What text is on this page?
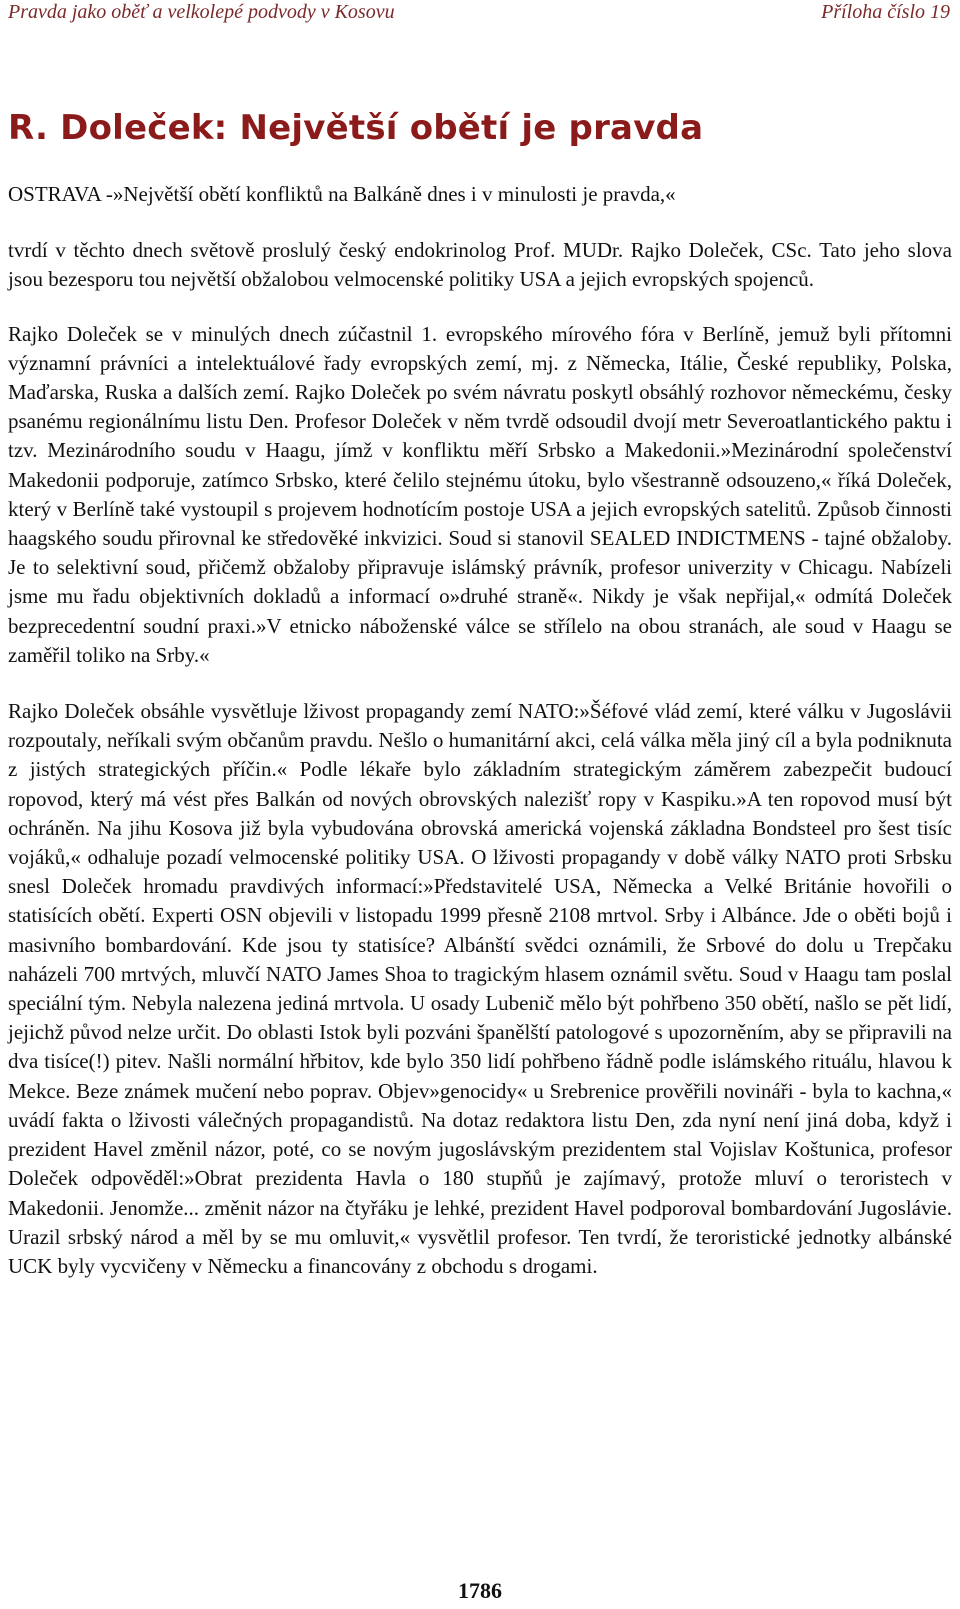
Pravda jako oběť a velkolepé podvody v Kosovu	Příloha číslo 19
R. Doleček: Největší obětí je pravda

OSTRAVA -»Největší obětí konfliktů na Balkáně dnes i v minulosti je pravda,«

tvrdí v těchto dnech světově proslulý český endokrinolog Prof. MUDr. Rajko Doleček, CSc. Tato jeho slova jsou bezesporu tou největší obžalobou velmocenské politiky USA a jejich evropských spojenců.

Rajko Doleček se v minulých dnech zúčastnil 1. evropského mírového fóra v Berlíně, jemuž byli přítomni významní právníci a intelektuálové řady evropských zemí, mj. z Německa, Itálie, České republiky, Polska, Maďarska, Ruska a dalších zemí. Rajko Doleček po svém návratu poskytl obsáhlý rozhovor německému, česky psanému regionálnímu listu Den. Profesor Doleček v něm tvrdě odsoudil dvojí metr Severoatlantického paktu i tzv. Mezinárodního soudu v Haagu, jímž v konfliktu měří Srbsko a Makedonii.»Mezinárodní společenství Makedonii podporuje, zatímco Srbsko, které čelilo stejnému útoku, bylo všestranně odsouzeno,« říká Doleček, který v Berlíně také vystoupil s projevem hodnotícím postoje USA a jejich evropských satelitů. Způsob činnosti haagského soudu přirovnal ke středověké inkvizici. Soud si stanovil SEALED INDICTMENS - tajné obžaloby. Je to selektivní soud, přičemž obžaloby připravuje islámský právník, profesor univerzity v Chicagu. Nabízeli jsme mu řadu objektivních dokladů a informací o»druhé straně«. Nikdy je však nepřijal,« odmítá Doleček bezprecedentní soudní praxi.»V etnicko náboženské válce se střílelo na obou stranách, ale soud v Haagu se zaměřil toliko na Srby.«

Rajko Doleček obsáhle vysvětluje lživost propagandy zemí NATO:»Šéfové vlád zemí, které válku v Jugoslávii rozpoutaly, neříkali svým občanům pravdu. Nešlo o humanitární akci, celá válka měla jiný cíl a byla podniknuta z jistých strategických příčin.« Podle lékaře bylo základním strategickým záměrem zabezpečit budoucí ropovod, který má vést přes Balkán od nových obrovských nalezišť ropy v Kaspiku.»A ten ropovod musí být ochráněn. Na jihu Kosova již byla vybudována obrovská americká vojenská základna Bondsteel pro šest tisíc vojáků,« odhaluje pozadí velmocenské politiky USA. O lživosti propagandy v době války NATO proti Srbsku snesl Doleček hromadu pravdivých informací:»Představitelé USA, Německa a Velké Británie hovořili o statisících obětí. Experti OSN objevili v listopadu 1999 přesně 2108 mrtvol. Srby i Albánce. Jde o oběti bojů i masivního bombardování. Kde jsou ty statisíce? Albánští svědci oznámili, že Srbové do dolu u Trepčaku naházeli 700 mrtvých, mluvčí NATO James Shoa to tragickým hlasem oznámil světu. Soud v Haagu tam poslal speciální tým. Nebyla nalezena jediná mrtvola. U osady Lubenič mělo být pohřbeno 350 obětí, našlo se pět lidí, jejichž původ nelze určit. Do oblasti Istok byli pozváni španělští patologové s upozorněním, aby se připravili na dva tisíce(!) pitev. Našli normální hřbitov, kde bylo 350 lidí pohřbeno řádně podle islámského rituálu, hlavou k Mekce. Beze známek mučení nebo poprav. Objev»genocidy« u Srebrenice prověřili novináři - byla to kachna,« uvádí fakta o lživosti válečných propagandistů. Na dotaz redaktora listu Den, zda nyní není jiná doba, když i prezident Havel změnil názor, poté, co se novým jugoslávským prezidentem stal Vojislav Koštunica, profesor Doleček odpověděl:»Obrat prezidenta Havla o 180 stupňů je zajímavý, protože mluví o teroristech v Makedonii. Jenomže... změnit názor na čtyřáku je lehké, prezident Havel podporoval bombardování Jugoslávie. Urazil srbský národ a měl by se mu omluvit,« vysvětlil profesor. Ten tvrdí, že teroristické jednotky albánské UCK byly vycvičeny v Německu a financovány z obchodu s drogami.

1786
